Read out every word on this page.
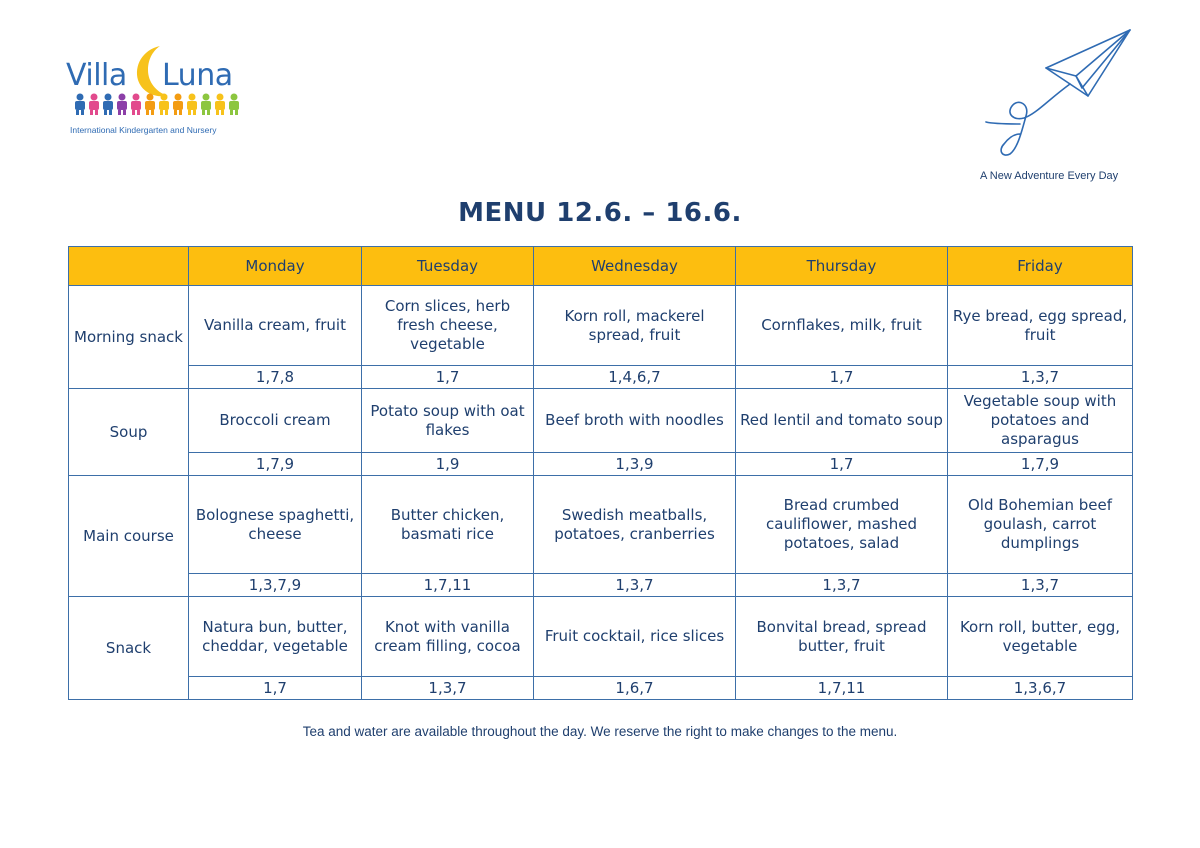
Villa Luna
International Kindergarten and Nursery
A New Adventure Every Day
MENU 12.6. – 16.6.
	Monday	Tuesday	Wednesday	Thursday	Friday
Morning snack	Vanilla cream, fruit	Corn slices, herb fresh cheese, vegetable	Korn roll, mackerel spread, fruit	Cornflakes, milk, fruit	Rye bread, egg spread, fruit
	1,7,8	1,7	1,4,6,7	1,7	1,3,7
Soup	Broccoli cream	Potato soup with oat flakes	Beef broth with noodles	Red lentil and tomato soup	Vegetable soup with potatoes and asparagus
	1,7,9	1,9	1,3,9	1,7	1,7,9
Main course	Bolognese spaghetti, cheese	Butter chicken, basmati rice	Swedish meatballs, potatoes, cranberries	Bread crumbed cauliflower, mashed potatoes, salad	Old Bohemian beef goulash, carrot dumplings
	1,3,7,9	1,7,11	1,3,7	1,3,7	1,3,7
Snack	Natura bun, butter, cheddar, vegetable	Knot with vanilla cream filling, cocoa	Fruit cocktail, rice slices	Bonvital bread, spread butter, fruit	Korn roll, butter, egg, vegetable
	1,7	1,3,7	1,6,7	1,7,11	1,3,6,7
Tea and water are available throughout the day. We reserve the right to make changes to the menu.
